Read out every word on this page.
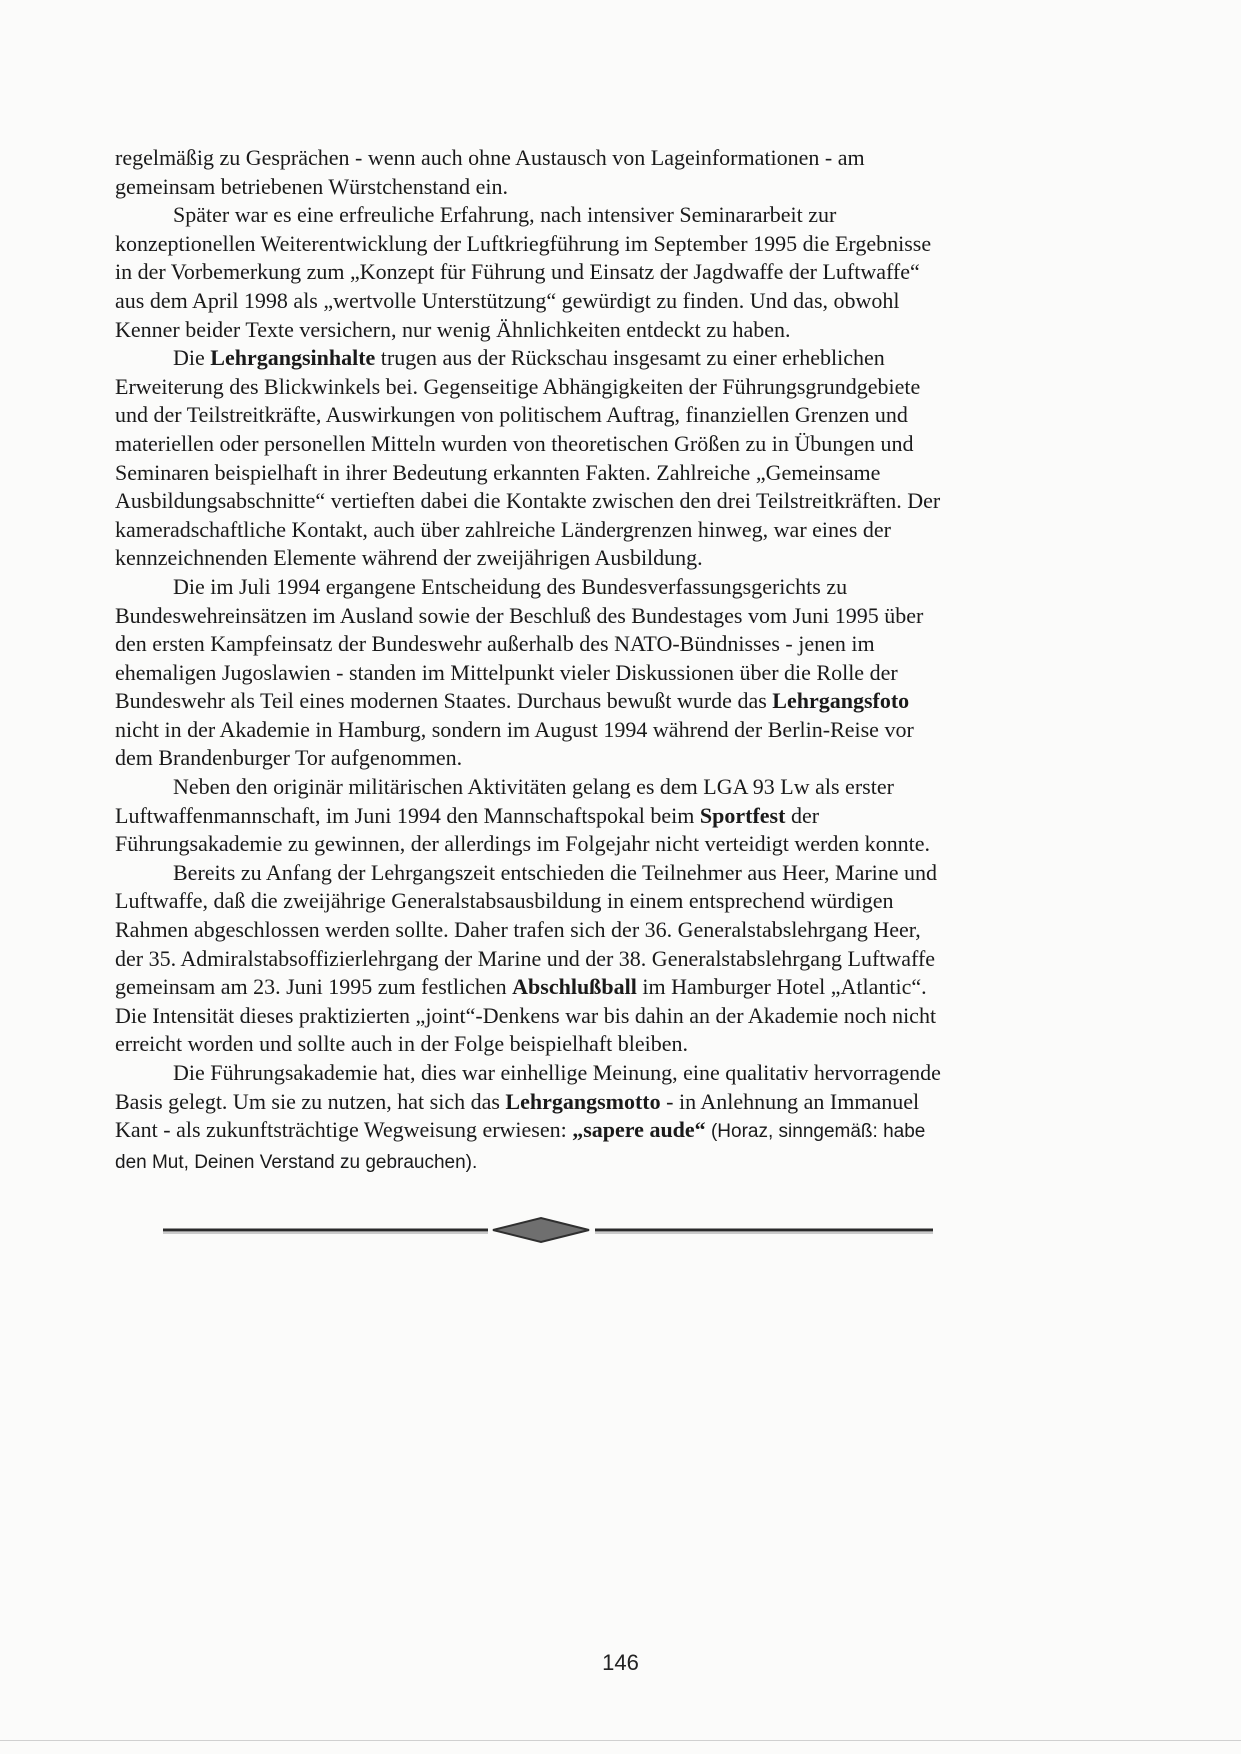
regelmäßig zu Gesprächen - wenn auch ohne Austausch von Lageinformationen - am
gemeinsam betriebenen Würstchenstand ein.
Später war es eine erfreuliche Erfahrung, nach intensiver Seminararbeit zur
konzeptionellen Weiterentwicklung der Luftkriegführung im September 1995 die Ergebnisse
in der Vorbemerkung zum „Konzept für Führung und Einsatz der Jagdwaffe der Luftwaffe“
aus dem April 1998 als „wertvolle Unterstützung“ gewürdigt zu finden. Und das, obwohl
Kenner beider Texte versichern, nur wenig Ähnlichkeiten entdeckt zu haben.
Die Lehrgangsinhalte trugen aus der Rückschau insgesamt zu einer erheblichen
Erweiterung des Blickwinkels bei. Gegenseitige Abhängigkeiten der Führungsgrundgebiete
und der Teilstreitkräfte, Auswirkungen von politischem Auftrag, finanziellen Grenzen und
materiellen oder personellen Mitteln wurden von theoretischen Größen zu in Übungen und
Seminaren beispielhaft in ihrer Bedeutung erkannten Fakten. Zahlreiche „Gemeinsame
Ausbildungsabschnitte“ vertieften dabei die Kontakte zwischen den drei Teilstreitkräften. Der
kameradschaftliche Kontakt, auch über zahlreiche Ländergrenzen hinweg, war eines der
kennzeichnenden Elemente während der zweijährigen Ausbildung.
Die im Juli 1994 ergangene Entscheidung des Bundesverfassungsgerichts zu
Bundeswehreinsätzen im Ausland sowie der Beschluß des Bundestages vom Juni 1995 über
den ersten Kampfeinsatz der Bundeswehr außerhalb des NATO-Bündnisses - jenen im
ehemaligen Jugoslawien - standen im Mittelpunkt vieler Diskussionen über die Rolle der
Bundeswehr als Teil eines modernen Staates. Durchaus bewußt wurde das Lehrgangsfoto
nicht in der Akademie in Hamburg, sondern im August 1994 während der Berlin-Reise vor
dem Brandenburger Tor aufgenommen.
Neben den originär militärischen Aktivitäten gelang es dem LGA 93 Lw als erster
Luftwaffenmannschaft, im Juni 1994 den Mannschaftspokal beim Sportfest der
Führungsakademie zu gewinnen, der allerdings im Folgejahr nicht verteidigt werden konnte.
Bereits zu Anfang der Lehrgangszeit entschieden die Teilnehmer aus Heer, Marine und
Luftwaffe, daß die zweijährige Generalstabsausbildung in einem entsprechend würdigen
Rahmen abgeschlossen werden sollte. Daher trafen sich der 36. Generalstabslehrgang Heer,
der 35. Admiralstabsoffizierlehrgang der Marine und der 38. Generalstabslehrgang Luftwaffe
gemeinsam am 23. Juni 1995 zum festlichen Abschlußball im Hamburger Hotel „Atlantic“.
Die Intensität dieses praktizierten „joint“-Denkens war bis dahin an der Akademie noch nicht
erreicht worden und sollte auch in der Folge beispielhaft bleiben.
Die Führungsakademie hat, dies war einhellige Meinung, eine qualitativ hervorragende
Basis gelegt. Um sie zu nutzen, hat sich das Lehrgangsmotto - in Anlehnung an Immanuel
Kant - als zukunftsträchtige Wegweisung erwiesen: „sapere aude“ (Horaz, sinngemäß: habe
den Mut, Deinen Verstand zu gebrauchen).
146
